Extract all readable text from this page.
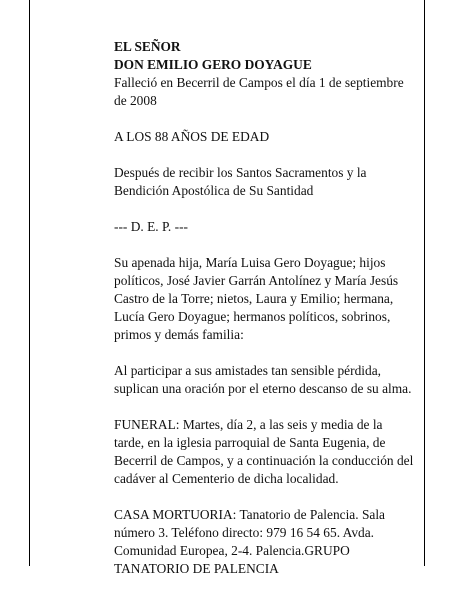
EL SEÑOR
DON EMILIO GERO DOYAGUE
Falleció en Becerril de Campos el día 1 de septiembre
de 2008
A LOS 88 AÑOS DE EDAD
Después de recibir los Santos Sacramentos y la
Bendición Apostólica de Su Santidad
--- D. E. P. ---
Su apenada hija, María Luisa Gero Doyague; hijos
políticos, José Javier Garrán Antolínez y María Jesús
Castro de la Torre; nietos, Laura y Emilio; hermana,
Lucía Gero Doyague; hermanos políticos, sobrinos,
primos y demás familia:
Al participar a sus amistades tan sensible pérdida,
suplican una oración por el eterno descanso de su alma.
FUNERAL: Martes, día 2, a las seis y media de la
tarde, en la iglesia parroquial de Santa Eugenia, de
Becerril de Campos, y a continuación la conducción del
cadáver al Cementerio de dicha localidad.
CASA MORTUORIA: Tanatorio de Palencia. Sala
número 3. Teléfono directo: 979 16 54 65. Avda.
Comunidad Europea, 2-4. Palencia.GRUPO
TANATORIO DE PALENCIA
